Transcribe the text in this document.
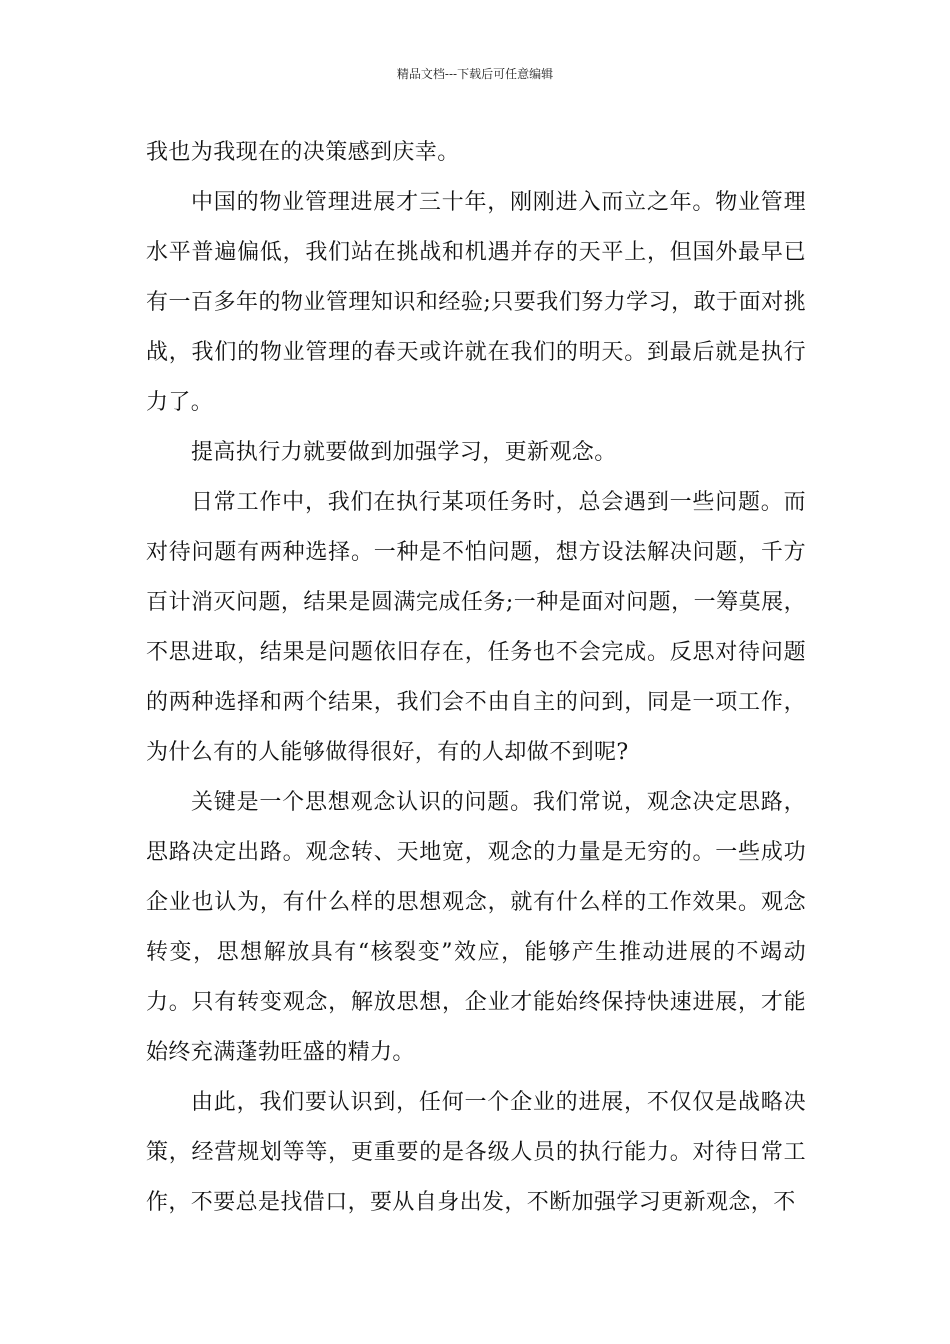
精品文档---下载后可任意编辑

我也为我现在的决策感到庆幸。

中国的物业管理进展才三十年，刚刚进入而立之年。物业管理水平普遍偏低，我们站在挑战和机遇并存的天平上，但国外最早已有一百多年的物业管理知识和经验;只要我们努力学习，敢于面对挑战，我们的物业管理的春天或许就在我们的明天。到最后就是执行力了。

提高执行力就要做到加强学习，更新观念。

日常工作中，我们在执行某项任务时，总会遇到一些问题。而对待问题有两种选择。一种是不怕问题，想方设法解决问题，千方百计消灭问题，结果是圆满完成任务;一种是面对问题，一筹莫展，不思进取，结果是问题依旧存在，任务也不会完成。反思对待问题的两种选择和两个结果，我们会不由自主的问到，同是一项工作，为什么有的人能够做得很好，有的人却做不到呢?

关键是一个思想观念认识的问题。我们常说，观念决定思路，思路决定出路。观念转、天地宽，观念的力量是无穷的。一些成功企业也认为，有什么样的思想观念，就有什么样的工作效果。观念转变，思想解放具有“核裂变”效应，能够产生推动进展的不竭动力。只有转变观念，解放思想，企业才能始终保持快速进展，才能始终充满蓬勃旺盛的精力。

由此，我们要认识到，任何一个企业的进展，不仅仅是战略决策，经营规划等等，更重要的是各级人员的执行能力。对待日常工作，不要总是找借口，要从自身出发，不断加强学习更新观念，不
